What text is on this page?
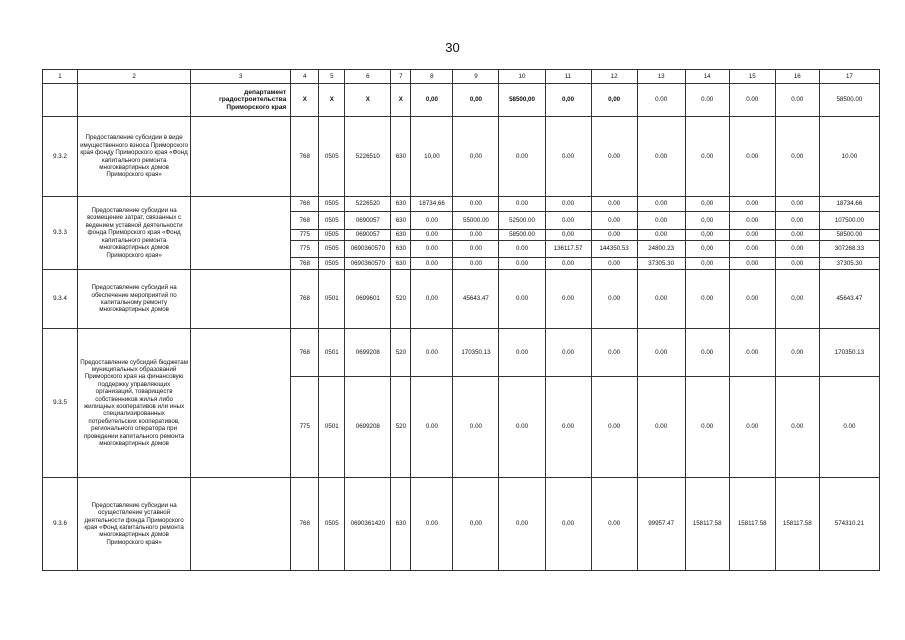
30
1	2	3	4	5	6	7	8	9	10	11	12	13	14	15	16	17
		департамент градостроительства Приморского края	X	X	X	X	0,00	0,00	58500,00	0,00	0,00	0.00	0.00	0.00	0.00	58500.00
9.3.2	Предоставление субсидии в виде имущественного взноса Приморского края фонду Приморского края «Фонд капитального ремонта многоквартирных домов Приморского края»		768	0505	5226510	630	10,00	0,00	0.00	0.00	0.00	0.00	0.00	0.00	0.00	10.00
9.3.3	Предоставление субсидии на возмещение затрат, связанных с ведением уставной деятельности фонда Приморского края «Фонд капитального ремонта многоквартирных домов Приморского края»		768	0505	5226520	630	18734,66	0.00	0.00	0.00	0.00	0.00	0,00	0.00	0.00	18734.66
			768	0505	0690057	630	0.00	55000.00	52500.00	0.00	0.00	0.00	0,00	0.00	0.00	107500.00
			775	0505	0690057	630	0.00	0.00	58500.00	0,00	0.00	0.00	0,00	0.00	0.00	58500.00
			775	0505	0690360570	630	0.00	0.00	0.00	136117.57	144350.53	24800.23	0,00	0.00	0.00	307268.33
			768	0505	0690360570	630	0.00	0.00	0.00	0.00	0.00	37305.30	0,00	0.00	0.00	37305.30
9.3.4	Предоставление субсидий на обеспечение мероприятий по капитальному ремонту многоквартирных домов		768	0501	0699601	520	0,00	45643,47	0.00	0.00	0.00	0.00	0.00	0.00	0,00	45643.47
9.3.5	Предоставление субсидий бюджетам муниципальных образований Приморского края на финансовую поддержку управляющих организаций, товариществ собственников жилья либо жилищных кооперативов или иных специализированных потребительских кооперативов, регионального оператора при проведении капитального ремонта многоквартирных домов		768	0501	0699208	520	0.00	170350.13	0.00	0.00	0.00	0.00	0.00	0.00	0.00	170350.13
			775	0501	0699208	520	0.00	0.00	0.00	0.00	0.00	0.00	0.00	0.00	0.00	0.00
9.3.6	Предоставление субсидии на осуществление уставной деятельности фонда Приморского края «Фонд капитального ремонта многоквартирных домов Приморского края»		768	0505	0690361420	630	0.00	0,00	0,00	0,00	0.00	99957.47	158117.58	158117.58	158117.58	574310.21
